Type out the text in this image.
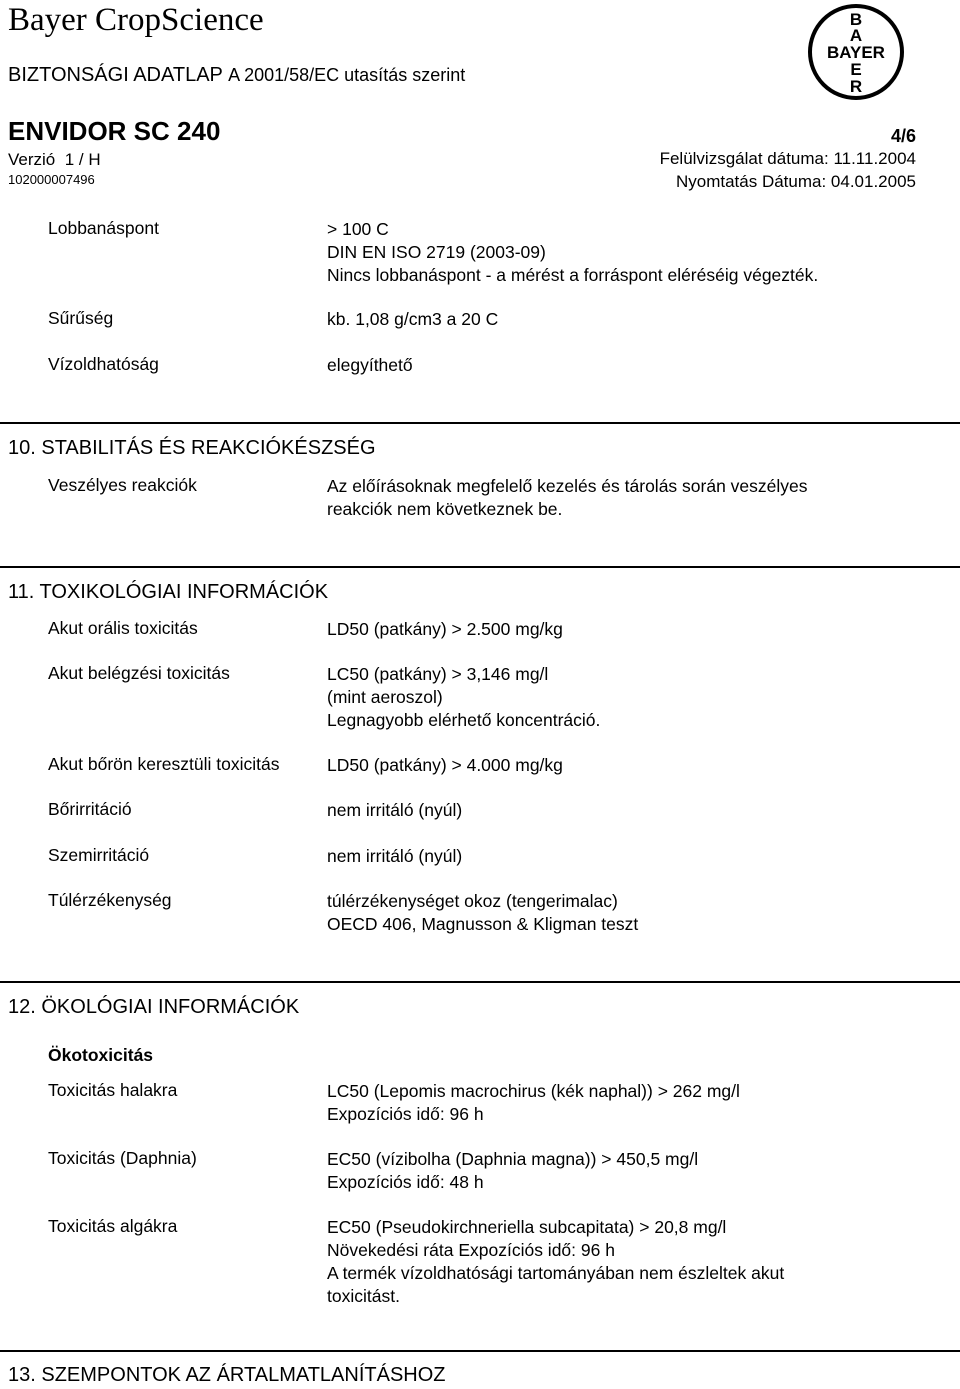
Bayer CropScience
BIZTONSÁGI ADATLAP A 2001/58/EC utasítás szerint
ENVIDOR SC 240
Verzió 1 / H
102000007496
4/6
Felülvizsgálat dátuma: 11.11.2004
Nyomtatás Dátuma: 04.01.2005
B
A
BAYER
E
R
Lobbanáspont	> 100 C
DIN EN ISO 2719 (2003-09)
Nincs lobbanáspont - a mérést a forráspont eléréséig végezték.
Sűrűség	kb. 1,08 g/cm3 a 20 C
Vízoldhatóság	elegyíthető
10. STABILITÁS ÉS REAKCIÓKÉSZSÉG
Veszélyes reakciók	Az előírásoknak megfelelő kezelés és tárolás során veszélyes
reakciók nem következnek be.
11. TOXIKOLÓGIAI INFORMÁCIÓK
Akut orális toxicitás	LD50 (patkány) > 2.500 mg/kg
Akut belégzési toxicitás	LC50 (patkány) > 3,146 mg/l
(mint aeroszol)
Legnagyobb elérhető koncentráció.
Akut bőrön keresztüli toxicitás	LD50 (patkány) > 4.000 mg/kg
Bőrirritáció	nem irritáló (nyúl)
Szemirritáció	nem irritáló (nyúl)
Túlérzékenység	túlérzékenységet okoz (tengerimalac)
OECD 406, Magnusson & Kligman teszt
12. ÖKOLÓGIAI INFORMÁCIÓK
Ökotoxicitás
Toxicitás halakra	LC50 (Lepomis macrochirus (kék naphal)) > 262 mg/l
Expozíciós idő: 96 h
Toxicitás (Daphnia)	EC50 (vízibolha (Daphnia magna)) > 450,5 mg/l
Expozíciós idő: 48 h
Toxicitás algákra	EC50 (Pseudokirchneriella subcapitata) > 20,8 mg/l
Növekedési ráta Expozíciós idő: 96 h
A termék vízoldhatósági tartományában nem észleltek akut
toxicitást.
13. SZEMPONTOK AZ ÁRTALMATLANÍTÁSHOZ
